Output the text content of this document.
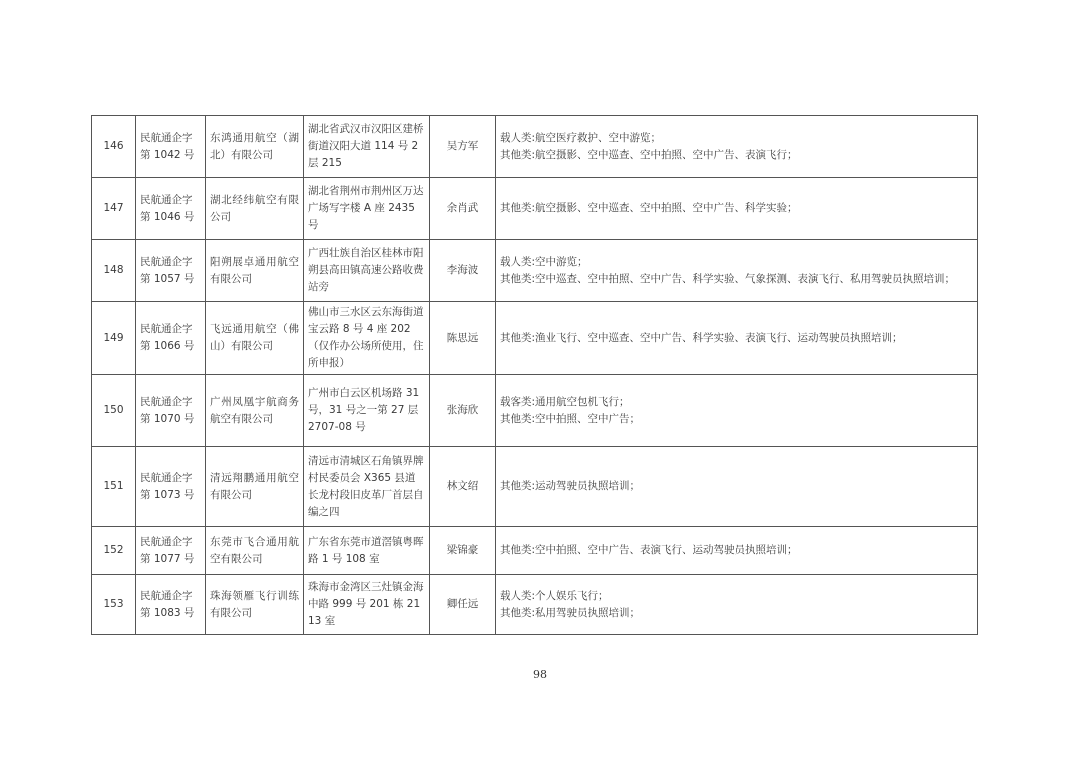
146	民航通企字第 1042 号	东鸿通用航空（湖北）有限公司	湖北省武汉市汉阳区建桥街道汉阳大道 114 号 2 层 215	吴方军	载人类:航空医疗救护、空中游览；
其他类:航空摄影、空中巡查、空中拍照、空中广告、表演飞行；

147	民航通企字第 1046 号	湖北经纬航空有限公司	湖北省荆州市荆州区万达广场写字楼 A 座 2435 号	余肖武	其他类:航空摄影、空中巡查、空中拍照、空中广告、科学实验；

148	民航通企字第 1057 号	阳朔展卓通用航空有限公司	广西壮族自治区桂林市阳朔县高田镇高速公路收费站旁	李海波	载人类:空中游览；
其他类:空中巡查、空中拍照、空中广告、科学实验、气象探测、表演飞行、私用驾驶员执照培训；

149	民航通企字第 1066 号	飞远通用航空（佛山）有限公司	佛山市三水区云东海街道宝云路 8 号 4 座 202（仅作办公场所使用，住所申报）	陈思远	其他类:渔业飞行、空中巡查、空中广告、科学实验、表演飞行、运动驾驶员执照培训；

150	民航通企字第 1070 号	广州凤凰宇航商务航空有限公司	广州市白云区机场路 31 号，31 号之一第 27 层 2707-08 号	张海欣	载客类:通用航空包机飞行；
其他类:空中拍照、空中广告；

151	民航通企字第 1073 号	清远翔鹏通用航空有限公司	清远市清城区石角镇界牌村民委员会 X365 县道长龙村段旧皮革厂首层自编之四	林文绍	其他类:运动驾驶员执照培训；

152	民航通企字第 1077 号	东莞市飞合通用航空有限公司	广东省东莞市道滘镇粤晖路 1 号 108 室	梁锦豪	其他类:空中拍照、空中广告、表演飞行、运动驾驶员执照培训；

153	民航通企字第 1083 号	珠海领雁飞行训练有限公司	珠海市金湾区三灶镇金海中路 999 号 201 栋 2113 室	卿任远	载人类:个人娱乐飞行；
其他类:私用驾驶员执照培训；
98
